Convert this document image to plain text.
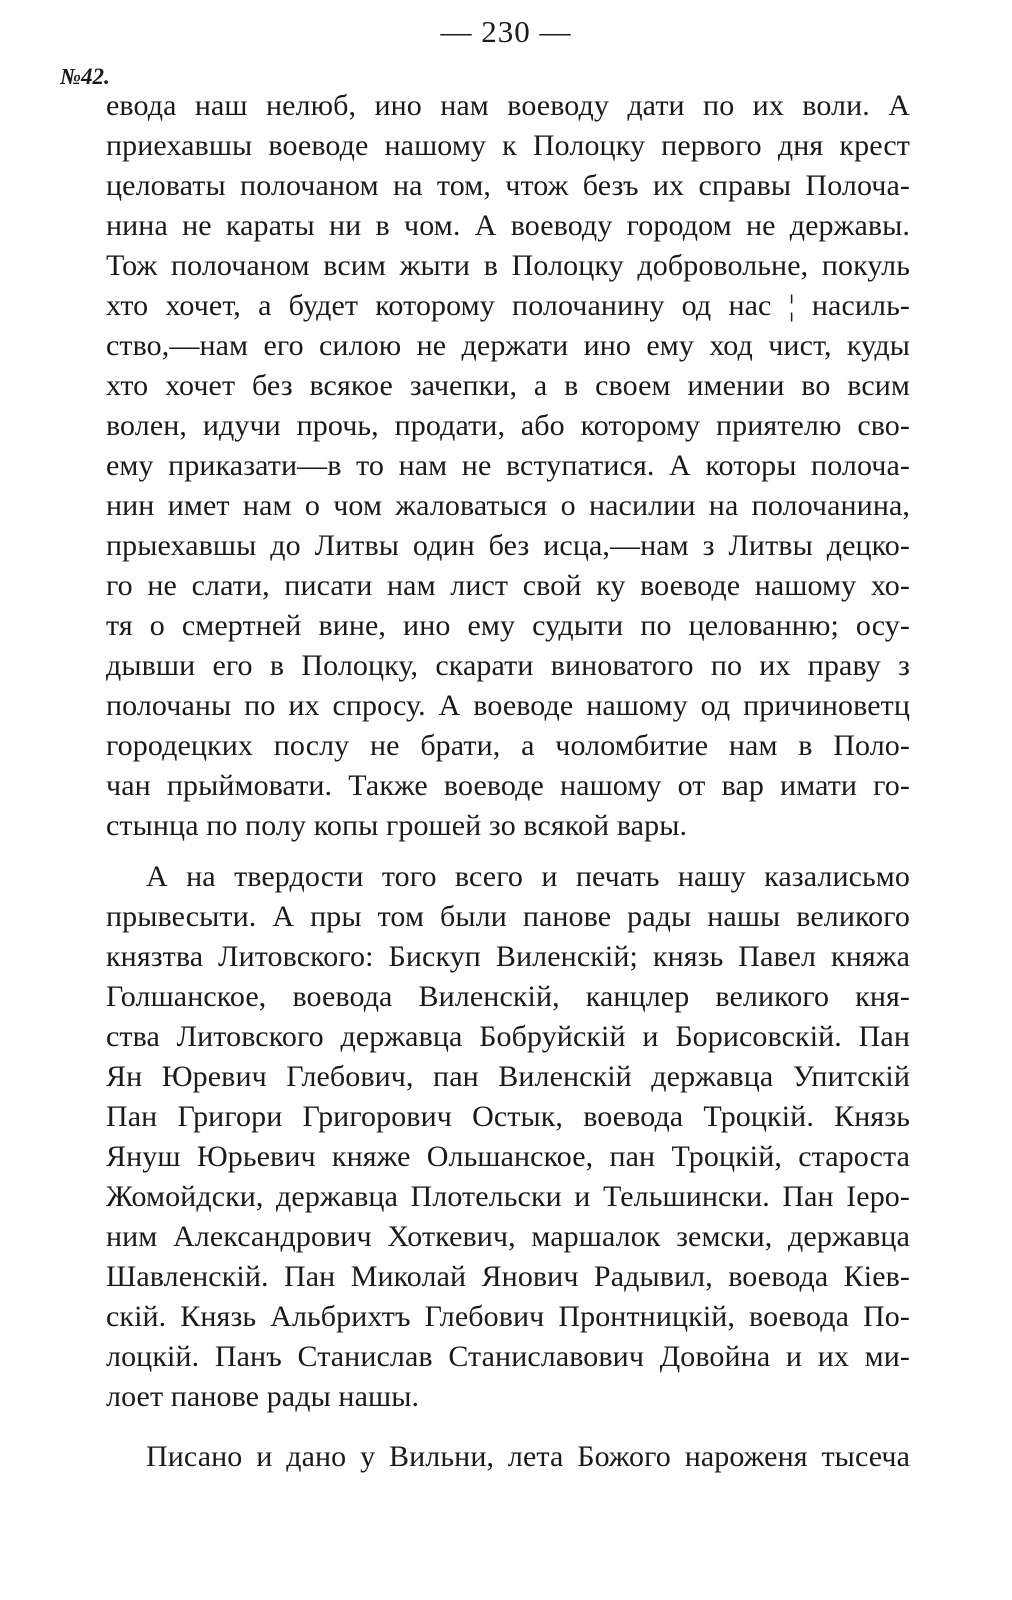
— 230 —
№42.
евода наш нелюб, ино нам воеводу дати по их воли. А
приехавшы воеводе нашому к Полоцку первого дня крест
целоваты полочаном на том, чтож безъ их справы Полоча-
нина не караты ни в чом. А воеводу городом не державы.
Тож полочаном всим жыти в Полоцку добровольне, покуль
хто хочет, а будет которому полочанину од нас ¦ насиль-
ство,—нам его силою не держати ино ему ход чист, куды
хто хочет без всякое зачепки, а в своем имении во всим
волен, идучи прочь, продати, або которому приятелю сво-
ему приказати—в то нам не вступатися. А которы полоча-
нин имет нам о чом жаловатыся о насилии на полочанина,
прыехавшы до Литвы один без исца,—нам з Литвы децко-
го не слати, писати нам лист свой ку воеводе нашому хо-
тя о смертней вине, ино ему судыти по целованню; осу-
дывши его в Полоцку, скарати виноватого по их праву з
полочаны по их спросу. А воеводе нашому од причиноветц
городецких послу не брати, а чоломбитие нам в Поло-
чан прыймовати. Также воеводе нашому от вар имати го-
стынца по полу копы грошей зо всякой вары.
А на твердости того всего и печать нашу казалисьмо
прывесыти. А пры том были панове рады нашы великого
князтва Литовского: Бискуп Виленскій; князь Павел княжа
Голшанское, воевода Виленскій, канцлер великого кня-
ства Литовского державца Бобруйскій и Борисовскій. Пан
Ян Юревич Глебович, пан Виленскій державца Упитскій
Пан Григори Григорович Остык, воевода Троцкій. Князь
Януш Юрьевич княже Ольшанское, пан Троцкій, староста
Жомойдски, державца Плотельски и Тельшински. Пан Iеро-
ним Александрович Хоткевич, маршалок земски, державца
Шавленскій. Пан Миколай Янович Радывил, воевода Кiев-
скій. Князь Альбрихтъ Глебович Пронтницкій, воевода По-
лоцкій. Панъ Станислав Станиславович Довойна и их ми-
лоет панове рады нашы.
Писано и дано у Вильни, лета Божого нароженя тысеча
